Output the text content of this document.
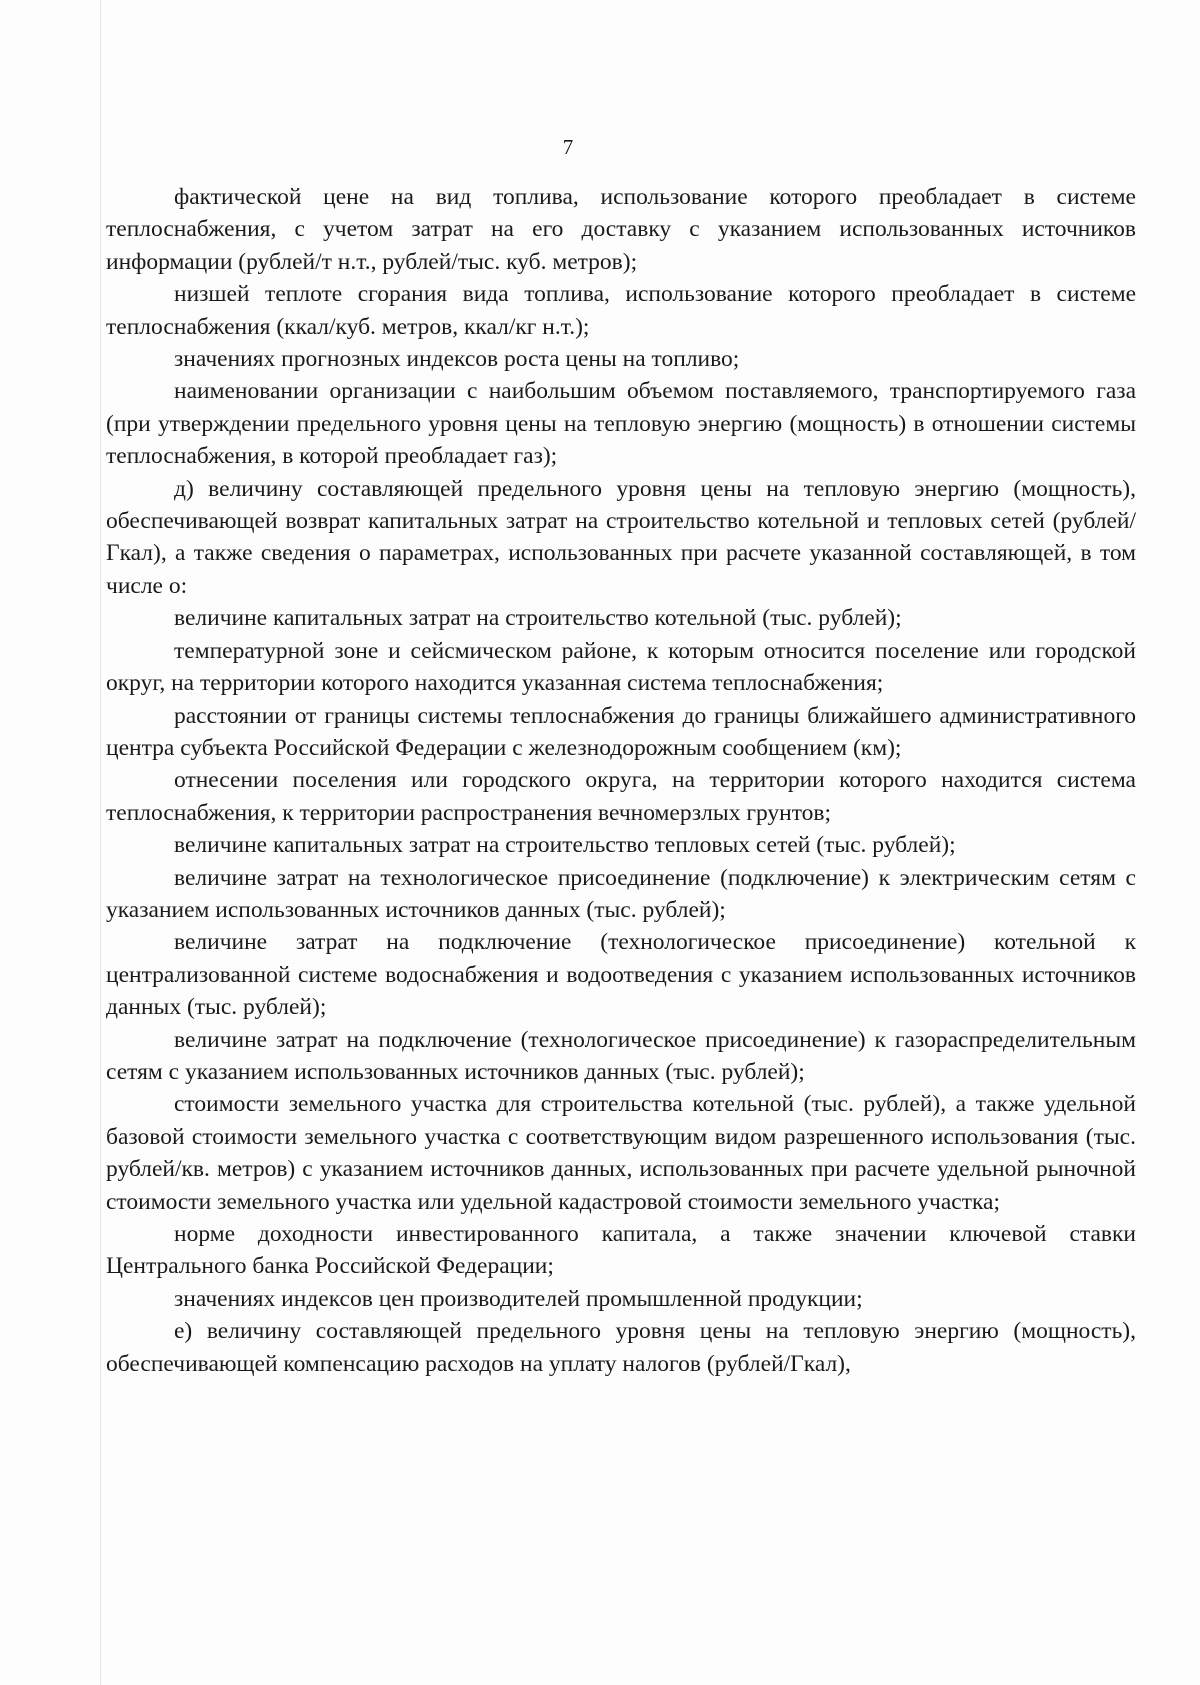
7

фактической цене на вид топлива, использование которого преобладает в системе теплоснабжения, с учетом затрат на его доставку с указанием использованных источников информации (рублей/т н.т., рублей/тыс. куб. метров);

низшей теплоте сгорания вида топлива, использование которого преобладает в системе теплоснабжения (ккал/куб. метров, ккал/кг н.т.);

значениях прогнозных индексов роста цены на топливо;

наименовании организации с наибольшим объемом поставляемого, транспортируемого газа (при утверждении предельного уровня цены на тепловую энергию (мощность) в отношении системы теплоснабжения, в которой преобладает газ);

д) величину составляющей предельного уровня цены на тепловую энергию (мощность), обеспечивающей возврат капитальных затрат на строительство котельной и тепловых сетей (рублей/Гкал), а также сведения о параметрах, использованных при расчете указанной составляющей, в том числе о:

величине капитальных затрат на строительство котельной (тыс. рублей);

температурной зоне и сейсмическом районе, к которым относится поселение или городской округ, на территории которого находится указанная система теплоснабжения;

расстоянии от границы системы теплоснабжения до границы ближайшего административного центра субъекта Российской Федерации с железнодорожным сообщением (км);

отнесении поселения или городского округа, на территории которого находится система теплоснабжения, к территории распространения вечномерзлых грунтов;

величине капитальных затрат на строительство тепловых сетей (тыс. рублей);

величине затрат на технологическое присоединение (подключение) к электрическим сетям с указанием использованных источников данных (тыс. рублей);

величине затрат на подключение (технологическое присоединение) котельной к централизованной системе водоснабжения и водоотведения с указанием использованных источников данных (тыс. рублей);

величине затрат на подключение (технологическое присоединение) к газораспределительным сетям с указанием использованных источников данных (тыс. рублей);

стоимости земельного участка для строительства котельной (тыс. рублей), а также удельной базовой стоимости земельного участка с соответствующим видом разрешенного использования (тыс. рублей/кв. метров) с указанием источников данных, использованных при расчете удельной рыночной стоимости земельного участка или удельной кадастровой стоимости земельного участка;

норме доходности инвестированного капитала, а также значении ключевой ставки Центрального банка Российской Федерации;

значениях индексов цен производителей промышленной продукции;

е) величину составляющей предельного уровня цены на тепловую энергию (мощность), обеспечивающей компенсацию расходов на уплату налогов (рублей/Гкал),
